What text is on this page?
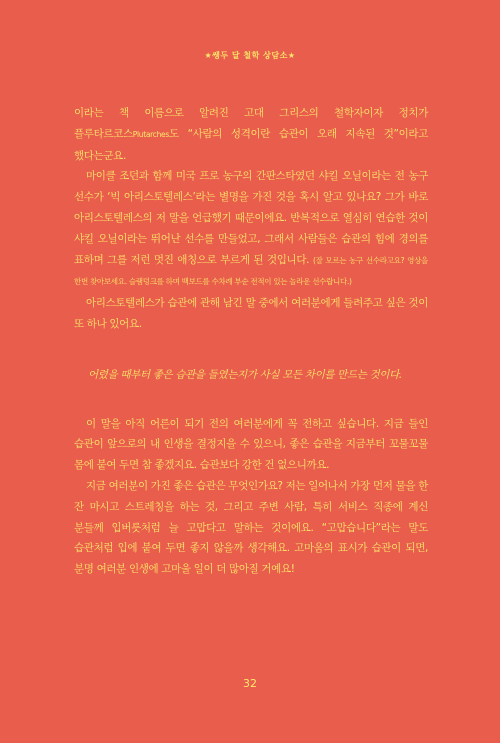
★쌩두 달 철학 상담소★

이라는 책 이름으로 알려진 고대 그리스의 철학자이자 정치가 플루타르코스Plutarches도 “사람의 성격이란 습관이 오래 지속된 것”이라고 했다는군요.

마이클 조던과 함께 미국 프로 농구의 간판스타였던 샤킬 오닐이라는 전 농구 선수가 ‘빅 아리스토텔레스’라는 별명을 가진 것을 혹시 알고 있나요? 그가 바로 아리스토텔레스의 저 말을 언급했기 때문이에요. 반복적으로 열심히 연습한 것이 샤킬 오닐이라는 뛰어난 선수를 만들었고, 그래서 사람들은 습관의 힘에 경의를 표하며 그를 저런 멋진 애칭으로 부르게 된 것입니다. (잘 모르는 농구 선수라고요? 영상을 한번 찾아보세요. 슬램덩크를 하며 백보드를 수차례 부순 전적이 있는 놀라운 선수랍니다.)

아리스토텔레스가 습관에 관해 남긴 말 중에서 여러분에게 들려주고 싶은 것이 또 하나 있어요.

어렸을 때부터 좋은 습관을 들였는지가 사실 모든 차이를 만드는 것이다.

이 말을 아직 어른이 되기 전의 여러분에게 꼭 전하고 싶습니다. 지금 들인 습관이 앞으로의 내 인생을 결정지을 수 있으니, 좋은 습관을 지금부터 꼬물꼬물 몸에 붙여 두면 참 좋겠지요. 습관보다 강한 건 없으니까요.

지금 여러분이 가진 좋은 습관은 무엇인가요? 저는 일어나서 가장 먼저 물을 한 잔 마시고 스트레칭을 하는 것, 그리고 주변 사람, 특히 서비스 직종에 계신 분들께 입버릇처럼 늘 고맙다고 말하는 것이에요. “고맙습니다”라는 말도 습관처럼 입에 붙여 두면 좋지 않을까 생각해요. 고마움의 표시가 습관이 되면, 분명 여러분 인생에 고마울 일이 더 많아질 거예요!

32
